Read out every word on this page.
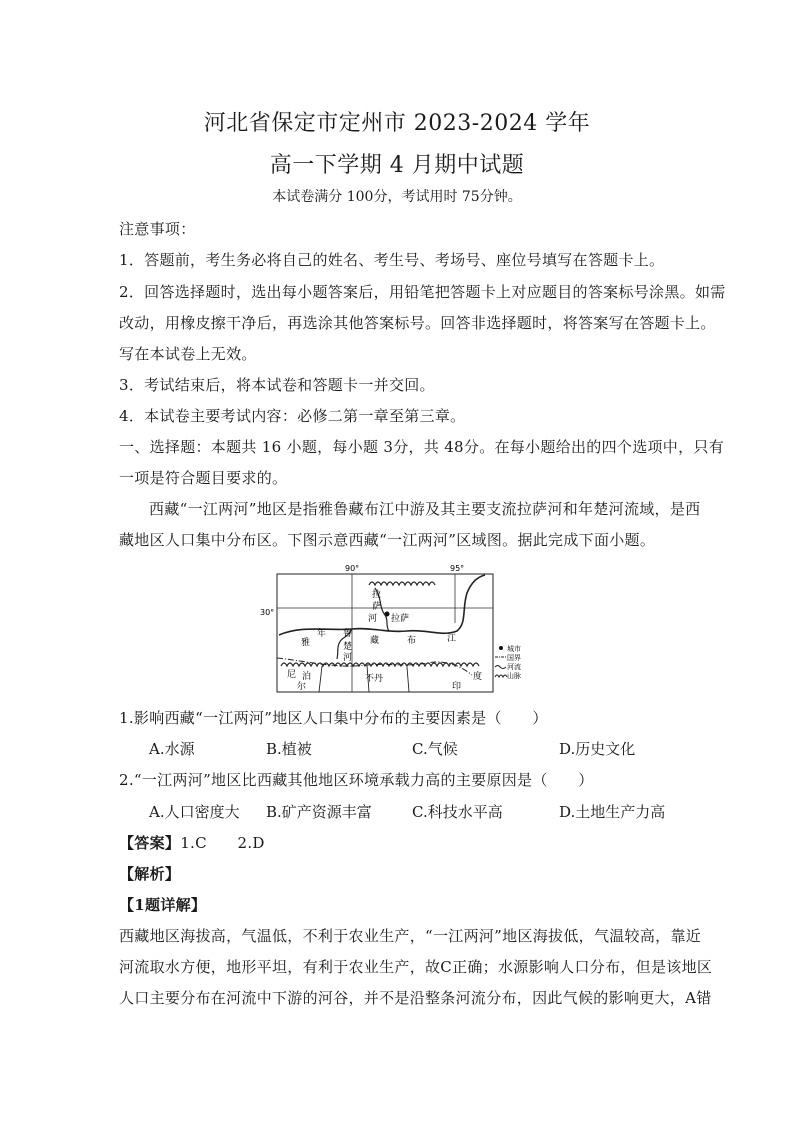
河北省保定市定州市 2023-2024 学年
高一下学期 4 月期中试题
本试卷满分 100分，考试用时 75分钟。
注意事项：
1．答题前，考生务必将自己的姓名、考生号、考场号、座位号填写在答题卡上。
2．回答选择题时，选出每小题答案后，用铅笔把答题卡上对应题目的答案标号涂黑。如需
改动，用橡皮擦干净后，再选涂其他答案标号。回答非选择题时，将答案写在答题卡上。
写在本试卷上无效。
3．考试结束后，将本试卷和答题卡一并交回。
4．本试卷主要考试内容：必修二第一章至第三章。
一、选择题：本题共 16 小题，每小题 3分，共 48分。在每小题给出的四个选项中，只有
一项是符合题目要求的。
西藏“一江两河”地区是指雅鲁藏布江中游及其主要支流拉萨河和年楚河流域，是西
藏地区人口集中分布区。下图示意西藏“一江两河”区域图。据此完成下面小题。
90°	95°
30°
拉
萨
河 拉萨
年 鲁
楚
河
雅	藏	布	江
尼 泊
尔
不丹
印
度
城市
国界
河流
山脉
1.影响西藏“一江两河”地区人口集中分布的主要因素是（　　）
A.水源	B.植被	C.气候	D.历史文化
2.“一江两河”地区比西藏其他地区环境承载力高的主要原因是（　　）
A.人口密度大 B.矿产资源丰富	C.科技水平高	D.土地生产力高
【答案】1.C　　2.D
【解析】
【1题详解】
西藏地区海拔高，气温低，不利于农业生产，“一江两河”地区海拔低，气温较高，靠近
河流取水方便，地形平坦，有利于农业生产，故C正确；水源影响人口分布，但是该地区
人口主要分布在河流中下游的河谷，并不是沿整条河流分布，因此气候的影响更大，A错
